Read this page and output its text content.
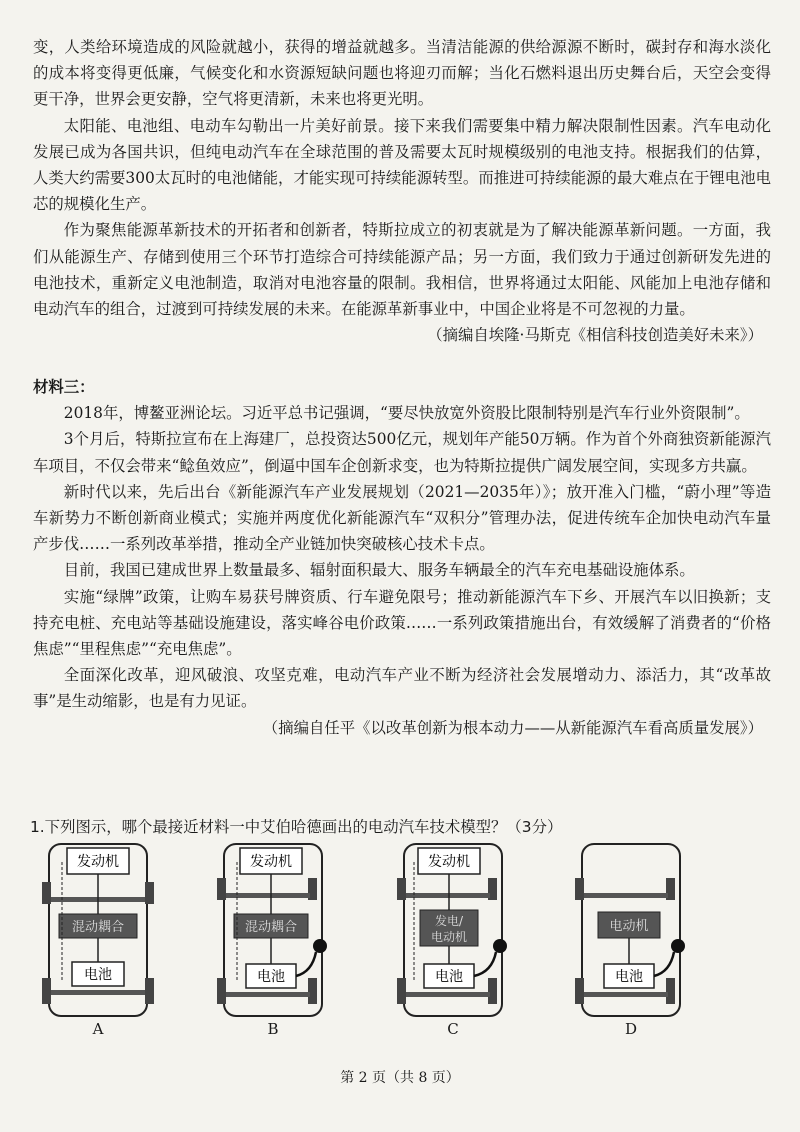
变，人类给环境造成的风险就越小，获得的增益就越多。当清洁能源的供给源源不断时，碳封存和海水淡化的成本将变得更低廉，气候变化和水资源短缺问题也将迎刃而解；当化石燃料退出历史舞台后，天空会变得更干净，世界会更安静，空气将更清新，未来也将更光明。

太阳能、电池组、电动车勾勒出一片美好前景。接下来我们需要集中精力解决限制性因素。汽车电动化发展已成为各国共识，但纯电动汽车在全球范围的普及需要太瓦时规模级别的电池支持。根据我们的估算，人类大约需要300太瓦时的电池储能，才能实现可持续能源转型。而推进可持续能源的最大难点在于锂电池电芯的规模化生产。

作为聚焦能源革新技术的开拓者和创新者，特斯拉成立的初衷就是为了解决能源革新问题。一方面，我们从能源生产、存储到使用三个环节打造综合可持续能源产品；另一方面，我们致力于通过创新研发先进的电池技术，重新定义电池制造，取消对电池容量的限制。我相信，世界将通过太阳能、风能加上电池存储和电动汽车的组合，过渡到可持续发展的未来。在能源革新事业中，中国企业将是不可忽视的力量。

（摘编自埃隆·马斯克《相信科技创造美好未来》）

材料三：

2018年，博鳌亚洲论坛。习近平总书记强调，“要尽快放宽外资股比限制特别是汽车行业外资限制”。

3个月后，特斯拉宣布在上海建厂，总投资达500亿元，规划年产能50万辆。作为首个外商独资新能源汽车项目，不仅会带来“鲶鱼效应”，倒逼中国车企创新求变，也为特斯拉提供广阔发展空间，实现多方共赢。

新时代以来，先后出台《新能源汽车产业发展规划（2021—2035年）》；放开准入门槛，“蔚小理”等造车新势力不断创新商业模式；实施并两度优化新能源汽车“双积分”管理办法，促进传统车企加快电动汽车量产步伐……一系列改革举措，推动全产业链加快突破核心技术卡点。

目前，我国已建成世界上数量最多、辐射面积最大、服务车辆最全的汽车充电基础设施体系。

实施“绿牌”政策，让购车易获号牌资质、行车避免限号；推动新能源汽车下乡、开展汽车以旧换新；支持充电桩、充电站等基础设施建设，落实峰谷电价政策……一系列政策措施出台，有效缓解了消费者的“价格焦虑”“里程焦虑”“充电焦虑”。

全面深化改革，迎风破浪、攻坚克难，电动汽车产业不断为经济社会发展增动力、添活力，其“改革故事”是生动缩影，也是有力见证。

（摘编自任平《以改革创新为根本动力——从新能源汽车看高质量发展》）

1.下列图示，哪个最接近材料一中艾伯哈德画出的电动汽车技术模型？（3分）
发动机
混动耦合
电池
A
发动机
混动耦合
电池
B
发动机
发电/
电动机
电池
C
电动机
电池
D
第 2 页（共 8 页）
